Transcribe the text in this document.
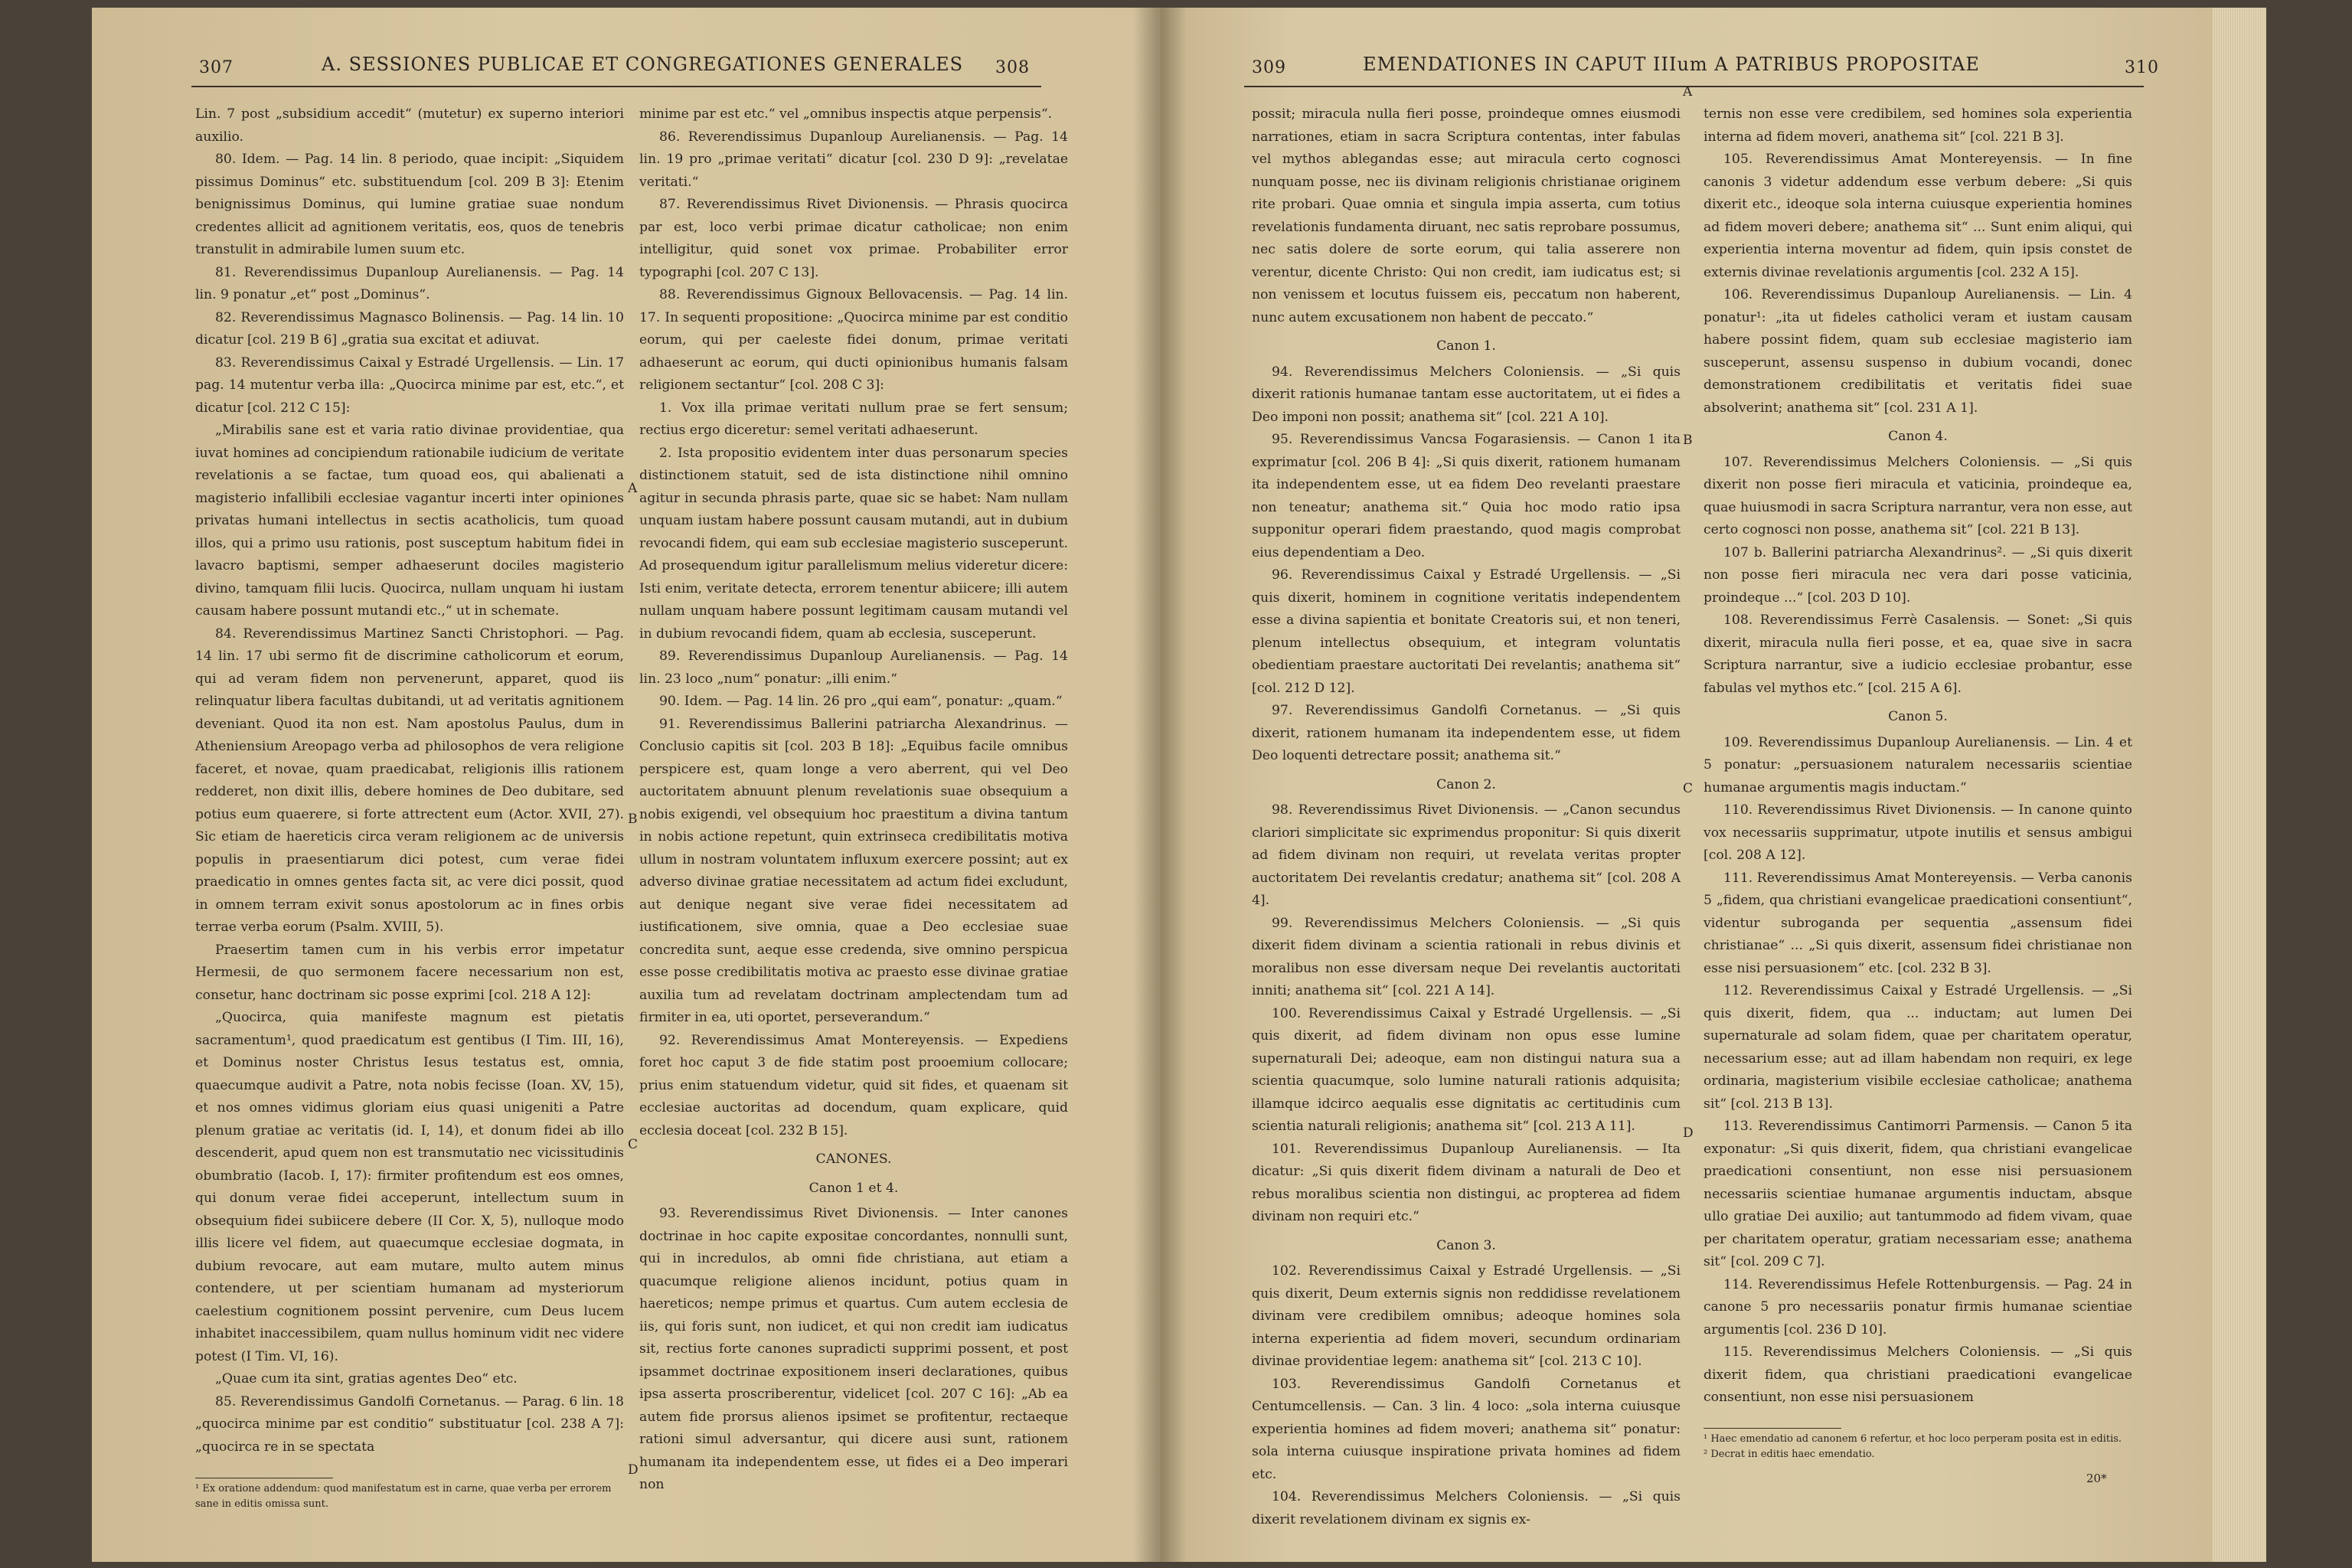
307	A. SESSIONES PUBLICAE ET CONGREGATIONES GENERALES 308

Lin. 7 post „subsidium accedit“ (mutetur) ex superno interiori auxilio.

80. Idem. — Pag. 14 lin. 8 periodo, quae incipit: „Siquidem pissimus Dominus“ etc. substituendum [col. 209 B 3]: Etenim benignissimus Dominus, qui lumine gratiae suae nondum credentes allicit ad agnitionem veritatis, eos, quos de tenebris transtulit in admirabile lumen suum etc.

81. Reverendissimus Dupanloup Aurelianensis. — Pag. 14 lin. 9 ponatur „et“ post „Dominus“.

82. Reverendissimus Magnasco Bolinensis. — Pag. 14 lin. 10 dicatur [col. 219 B 6] „gratia sua excitat et adiuvat.

83. Reverendissimus Caixal y Estradé Urgellensis. — Lin. 17 pag. 14 mutentur verba illa: „Quocirca minime par est, etc.“, et dicatur [col. 212 C 15]:

„Mirabilis sane est et varia ratio divinae providentiae, qua iuvat homines ad concipiendum rationabile iudicium de veritate revelationis a se factae, tum quoad eos, qui abalienati a magisterio infallibili ecclesiae vagantur incerti inter opiniones privatas humani intellectus in sectis acatholicis, tum quoad illos, qui a primo usu rationis, post susceptum habitum fidei in lavacro baptismi, semper adhaeserunt dociles magisterio divino, tamquam filii lucis. Quocirca, nullam unquam hi iustam causam habere possunt mutandi etc.,“ ut in schemate.

84. Reverendissimus Martinez Sancti Christophori. — Pag. 14 lin. 17 ubi sermo fit de discrimine catholicorum et eorum, qui ad veram fidem non pervenerunt, apparet, quod iis relinquatur libera facultas dubitandi, ut ad veritatis agnitionem deveniant. Quod ita non est. Nam apostolus Paulus, dum in Atheniensium Areopago verba ad philosophos de vera religione faceret, et novae, quam praedicabat, religionis illis rationem redderet, non dixit illis, debere homines de Deo dubitare, sed potius eum quaerere, si forte attrectent eum (Actor. XVII, 27). Sic etiam de haereticis circa veram religionem ac de universis populis in praesentiarum dici potest, cum verae fidei praedicatio in omnes gentes facta sit, ac vere dici possit, quod in omnem terram exivit sonus apostolorum ac in fines orbis terrae verba eorum (Psalm. XVIII, 5).

Praesertim tamen cum in his verbis error impetatur Hermesii, de quo sermonem facere necessarium non est, consetur, hanc doctrinam sic posse exprimi [col. 218 A 12]:

„Quocirca, quia manifeste magnum est pietatis sacramentum¹, quod praedicatum est gentibus (I Tim. III, 16), et Dominus noster Christus Iesus testatus est, omnia, quaecumque audivit a Patre, nota nobis fecisse (Ioan. XV, 15), et nos omnes vidimus gloriam eius quasi unigeniti a Patre plenum gratiae ac veritatis (id. I, 14), et donum fidei ab illo descenderit, apud quem non est transmutatio nec vicissitudinis obumbratio (Iacob. I, 17): firmiter profitendum est eos omnes, qui donum verae fidei acceperunt, intellectum suum in obsequium fidei subiicere debere (II Cor. X, 5), nulloque modo illis licere vel fidem, aut quaecumque ecclesiae dogmata, in dubium revocare, aut eam mutare, multo autem minus contendere, ut per scientiam humanam ad mysteriorum caelestium cognitionem possint pervenire, cum Deus lucem inhabitet inaccessibilem, quam nullus hominum vidit nec videre potest (I Tim. VI, 16).

„Quae cum ita sint, gratias agentes Deo“ etc.

85. Reverendissimus Gandolfi Cornetanus. — Parag. 6 lin. 18 „quocirca minime par est conditio“ substituatur [col. 238 A 7]: „quocirca re in se spectata

¹ Ex oratione addendum: quod manifestatum est in carne, quae verba per errorem sane in editis omissa sunt.

minime par est etc.“ vel „omnibus inspectis atque perpensis“.

86. Reverendissimus Dupanloup Aurelianensis. — Pag. 14 lin. 19 pro „primae veritati“ dicatur [col. 230 D 9]: „revelatae veritati.“

87. Reverendissimus Rivet Divionensis. — Phrasis quocirca par est, loco verbi primae dicatur catholicae; non enim intelligitur, quid sonet vox primae. Probabiliter error typographi [col. 207 C 13].

88. Reverendissimus Gignoux Bellovacensis. — Pag. 14 lin. 17. In sequenti propositione: „Quocirca minime par est conditio eorum, qui per caeleste fidei donum, primae veritati adhaeserunt ac eorum, qui ducti opinionibus humanis falsam religionem sectantur“ [col. 208 C 3]:

1. Vox illa primae veritati nullum prae se fert sensum; rectius ergo diceretur: semel veritati adhaeserunt.

2. Ista propositio evidentem inter duas personarum species distinctionem statuit, sed de ista distinctione nihil omnino agitur in secunda phrasis parte, quae sic se habet: Nam nullam unquam iustam habere possunt causam mutandi, aut in dubium revocandi fidem, qui eam sub ecclesiae magisterio susceperunt. Ad prosequendum igitur parallelismum melius videretur dicere: Isti enim, veritate detecta, errorem tenentur abiicere; illi autem nullam unquam habere possunt legitimam causam mutandi vel in dubium revocandi fidem, quam ab ecclesia, susceperunt.

89. Reverendissimus Dupanloup Aurelianensis. — Pag. 14 lin. 23 loco „num“ ponatur: „illi enim.“

90. Idem. — Pag. 14 lin. 26 pro „qui eam“, ponatur: „quam.“

91. Reverendissimus Ballerini patriarcha Alexandrinus. — Conclusio capitis sit [col. 203 B 18]: „Equibus facile omnibus perspicere est, quam longe a vero aberrent, qui vel Deo auctoritatem abnuunt plenum revelationis suae obsequium a nobis exigendi, vel obsequium hoc praestitum a divina tantum in nobis actione repetunt, quin extrinseca credibilitatis motiva ullum in nostram voluntatem influxum exercere possint; aut ex adverso divinae gratiae necessitatem ad actum fidei excludunt, aut denique negant sive verae fidei necessitatem ad iustificationem, sive omnia, quae a Deo ecclesiae suae concredita sunt, aeque esse credenda, sive omnino perspicua esse posse credibilitatis motiva ac praesto esse divinae gratiae auxilia tum ad revelatam doctrinam amplectendam tum ad firmiter in ea, uti oportet, perseverandum.“

92. Reverendissimus Amat Montereyensis. — Expediens foret hoc caput 3 de fide statim post prooemium collocare; prius enim statuendum videtur, quid sit fides, et quaenam sit ecclesiae auctoritas ad docendum, quam explicare, quid ecclesia doceat [col. 232 B 15].

CANONES.
Canon 1 et 4.

93. Reverendissimus Rivet Divionensis. — Inter canones doctrinae in hoc capite expositae concordantes, nonnulli sunt, qui in incredulos, ab omni fide christiana, aut etiam a quacumque religione alienos incidunt, potius quam in haereticos; nempe primus et quartus. Cum autem ecclesia de iis, qui foris sunt, non iudicet, et qui non credit iam iudicatus sit, rectius forte canones supradicti supprimi possent, et post ipsammet doctrinae expositionem inseri declarationes, quibus ipsa asserta proscriberentur, videlicet [col. 207 C 16]: „Ab ea autem fide prorsus alienos ipsimet se profitentur, rectaeque rationi simul adversantur, qui dicere ausi sunt, rationem humanam ita independentem esse, ut fides ei a Deo imperari non

A
B
C
D
309	EMENDATIONES IN CAPUT IIIum A PATRIBUS PROPOSITAE	310

possit; miracula nulla fieri posse, proindeque omnes eiusmodi narrationes, etiam in sacra Scriptura contentas, inter fabulas vel mythos ablegandas esse; aut miracula certo cognosci nunquam posse, nec iis divinam religionis christianae originem rite probari. Quae omnia et singula impia asserta, cum totius revelationis fundamenta diruant, nec satis reprobare possumus, nec satis dolere de sorte eorum, qui talia asserere non verentur, dicente Christo: Qui non credit, iam iudicatus est; si non venissem et locutus fuissem eis, peccatum non haberent, nunc autem excusationem non habent de peccato.“

Canon 1.

94. Reverendissimus Melchers Coloniensis. — „Si quis dixerit rationis humanae tantam esse auctoritatem, ut ei fides a Deo imponi non possit; anathema sit“ [col. 221 A 10].

95. Reverendissimus Vancsa Fogarasiensis. — Canon 1 ita exprimatur [col. 206 B 4]: „Si quis dixerit, rationem humanam ita independentem esse, ut ea fidem Deo revelanti praestare non teneatur; anathema sit.“ Quia hoc modo ratio ipsa supponitur operari fidem praestando, quod magis comprobat eius dependentiam a Deo.

96. Reverendissimus Caixal y Estradé Urgellensis. — „Si quis dixerit, hominem in cognitione veritatis independentem esse a divina sapientia et bonitate Creatoris sui, et non teneri, plenum intellectus obsequium, et integram voluntatis obedientiam praestare auctoritati Dei revelantis; anathema sit“ [col. 212 D 12].

97. Reverendissimus Gandolfi Cornetanus. — „Si quis dixerit, rationem humanam ita independentem esse, ut fidem Deo loquenti detrectare possit; anathema sit.“

Canon 2.

98. Reverendissimus Rivet Divionensis. — „Canon secundus clariori simplicitate sic exprimendus proponitur: Si quis dixerit ad fidem divinam non requiri, ut revelata veritas propter auctoritatem Dei revelantis credatur; anathema sit“ [col. 208 A 4].

99. Reverendissimus Melchers Coloniensis. — „Si quis dixerit fidem divinam a scientia rationali in rebus divinis et moralibus non esse diversam neque Dei revelantis auctoritati inniti; anathema sit“ [col. 221 A 14].

100. Reverendissimus Caixal y Estradé Urgellensis. — „Si quis dixerit, ad fidem divinam non opus esse lumine supernaturali Dei; adeoque, eam non distingui natura sua a scientia quacumque, solo lumine naturali rationis adquisita; illamque idcirco aequalis esse dignitatis ac certitudinis cum scientia naturali religionis; anathema sit“ [col. 213 A 11].

101. Reverendissimus Dupanloup Aurelianensis. — Ita dicatur: „Si quis dixerit fidem divinam a naturali de Deo et rebus moralibus scientia non distingui, ac propterea ad fidem divinam non requiri etc.“

Canon 3.

102. Reverendissimus Caixal y Estradé Urgellensis. — „Si quis dixerit, Deum externis signis non reddidisse revelationem divinam vere credibilem omnibus; adeoque homines sola interna experientia ad fidem moveri, secundum ordinariam divinae providentiae legem: anathema sit“ [col. 213 C 10].

103. Reverendissimus Gandolfi Cornetanus et Centumcellensis. — Can. 3 lin. 4 loco: „sola interna cuiusque experientia homines ad fidem moveri; anathema sit“ ponatur: sola interna cuiusque inspiratione privata homines ad fidem etc.

104. Reverendissimus Melchers Coloniensis. — „Si quis dixerit revelationem divinam ex signis ex-

A
B
C
D

ternis non esse vere credibilem, sed homines sola experientia interna ad fidem moveri, anathema sit“ [col. 221 B 3].

105. Reverendissimus Amat Montereyensis. — In fine canonis 3 videtur addendum esse verbum debere: „Si quis dixerit etc., ideoque sola interna cuiusque experientia homines ad fidem moveri debere; anathema sit“ ... Sunt enim aliqui, qui experientia interna moventur ad fidem, quin ipsis constet de externis divinae revelationis argumentis [col. 232 A 15].

106. Reverendissimus Dupanloup Aurelianensis. — Lin. 4 ponatur¹: „ita ut fideles catholici veram et iustam causam habere possint fidem, quam sub ecclesiae magisterio iam susceperunt, assensu suspenso in dubium vocandi, donec demonstrationem credibilitatis et veritatis fidei suae absolverint; anathema sit“ [col. 231 A 1].

Canon 4.

107. Reverendissimus Melchers Coloniensis. — „Si quis dixerit non posse fieri miracula et vaticinia, proindeque ea, quae huiusmodi in sacra Scriptura narrantur, vera non esse, aut certo cognosci non posse, anathema sit“ [col. 221 B 13].

107 b. Ballerini patriarcha Alexandrinus². — „Si quis dixerit non posse fieri miracula nec vera dari posse vaticinia, proindeque ...“ [col. 203 D 10].

108. Reverendissimus Ferrè Casalensis. — Sonet: „Si quis dixerit, miracula nulla fieri posse, et ea, quae sive in sacra Scriptura narrantur, sive a iudicio ecclesiae probantur, esse fabulas vel mythos etc.“ [col. 215 A 6].

Canon 5.

109. Reverendissimus Dupanloup Aurelianensis. — Lin. 4 et 5 ponatur: „persuasionem naturalem necessariis scientiae humanae argumentis magis inductam.“

110. Reverendissimus Rivet Divionensis. — In canone quinto vox necessariis supprimatur, utpote inutilis et sensus ambigui [col. 208 A 12].

111. Reverendissimus Amat Montereyensis. — Verba canonis 5 „fidem, qua christiani evangelicae praedicationi consentiunt“, videntur subroganda per sequentia „assensum fidei christianae“ ... „Si quis dixerit, assensum fidei christianae non esse nisi persuasionem“ etc. [col. 232 B 3].

112. Reverendissimus Caixal y Estradé Urgellensis. — „Si quis dixerit, fidem, qua ... inductam; aut lumen Dei supernaturale ad solam fidem, quae per charitatem operatur, necessarium esse; aut ad illam habendam non requiri, ex lege ordinaria, magisterium visibile ecclesiae catholicae; anathema sit“ [col. 213 B 13].

113. Reverendissimus Cantimorri Parmensis. — Canon 5 ita exponatur: „Si quis dixerit, fidem, qua christiani evangelicae praedicationi consentiunt, non esse nisi persuasionem necessariis scientiae humanae argumentis inductam, absque ullo gratiae Dei auxilio; aut tantummodo ad fidem vivam, quae per charitatem operatur, gratiam necessariam esse; anathema sit“ [col. 209 C 7].

114. Reverendissimus Hefele Rottenburgensis. — Pag. 24 in canone 5 pro necessariis ponatur firmis humanae scientiae argumentis [col. 236 D 10].

115. Reverendissimus Melchers Coloniensis. — „Si quis dixerit fidem, qua christiani praedicationi evangelicae consentiunt, non esse nisi persuasionem

¹ Haec emendatio ad canonem 6 refertur, et hoc loco perperam posita est in editis.
² Decrat in editis haec emendatio.
20*
